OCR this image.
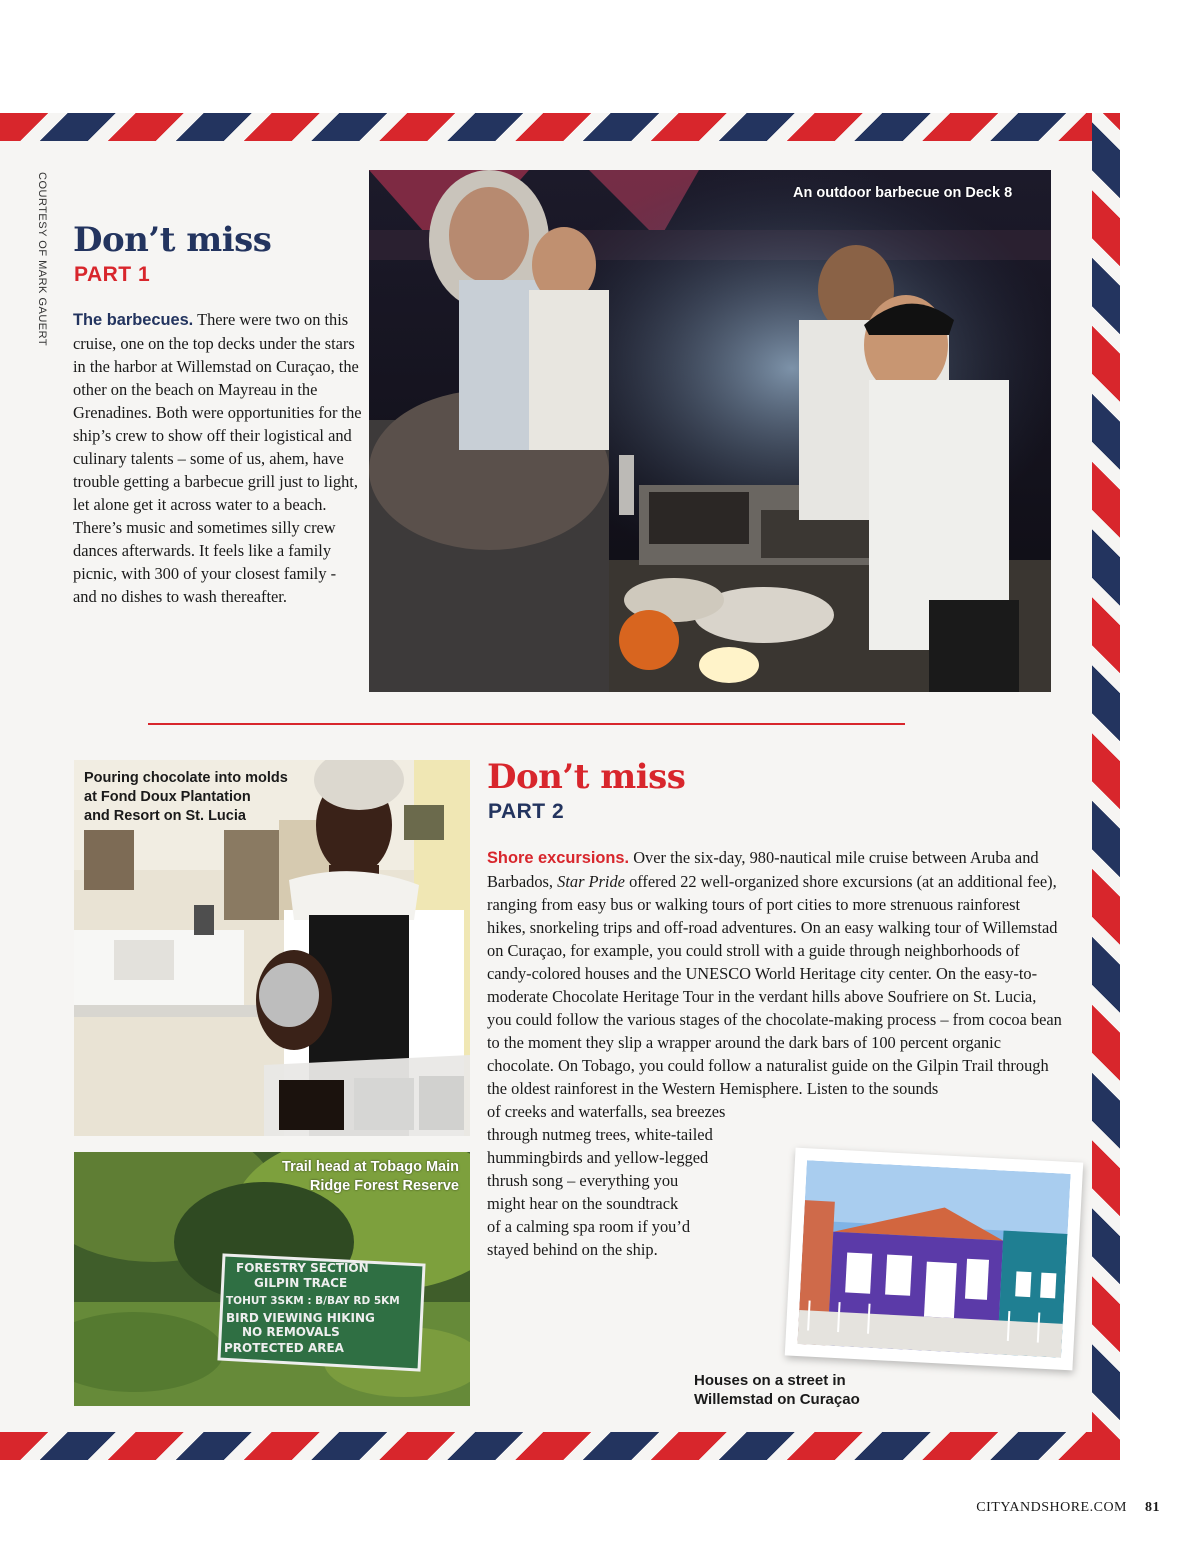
COURTESY OF MARK GAUERT Don’t miss
PART 1
The barbecues. There were two on this cruise, one on the top decks under the stars in the harbor at Willemstad on Curaçao, the other on the beach on Mayreau in the Grenadines. Both were opportunities for the ship’s crew to show off their logistical and culinary talents – some of us, ahem, have trouble getting a barbecue grill just to light, let alone get it across water to a beach. There’s music and sometimes silly crew dances afterwards. It feels like a family picnic, with 300 of your closest family - and no dishes to wash thereafter.
An outdoor barbecue on Deck 8
Pouring chocolate into molds
at Fond Doux Plantation
and Resort on St. Lucia
FORESTRY SECTION
GILPIN TRACE
TOHUT 3SKM : B/BAY RD 5KM
BIRD VIEWING HIKING
NO REMOVALS
PROTECTED AREA
Trail head at Tobago Main
Ridge Forest Reserve
Don’t miss
PART 2
Shore excursions. Over the six-day, 980-nautical mile cruise between Aruba and Barbados, Star Pride offered 22 well-organized shore excursions (at an additional fee), ranging from easy bus or walking tours of port cities to more strenuous rainforest hikes, snorkeling trips and off-road adventures. On an easy walking tour of Willemstad on Curaçao, for example, you could stroll with a guide through neighborhoods of candy-colored houses and the UNESCO World Heritage city center. On the easy-to-moderate Chocolate Heritage Tour in the verdant hills above Soufriere on St. Lucia, you could follow the various stages of the chocolate-making process – from cocoa bean to the moment they slip a wrapper around the dark bars of 100 percent organic chocolate. On Tobago, you could follow a naturalist guide on the Gilpin Trail through the oldest rainforest in the Western Hemisphere. Listen to the sounds
of creeks and waterfalls, sea breezes
through nutmeg trees, white-tailed
hummingbirds and yellow-legged
thrush song – everything you
might hear on the soundtrack
of a calming spa room if you’d
stayed behind on the ship.
Houses on a street in
Willemstad on Curaçao
CITYANDSHORE.COM 81
